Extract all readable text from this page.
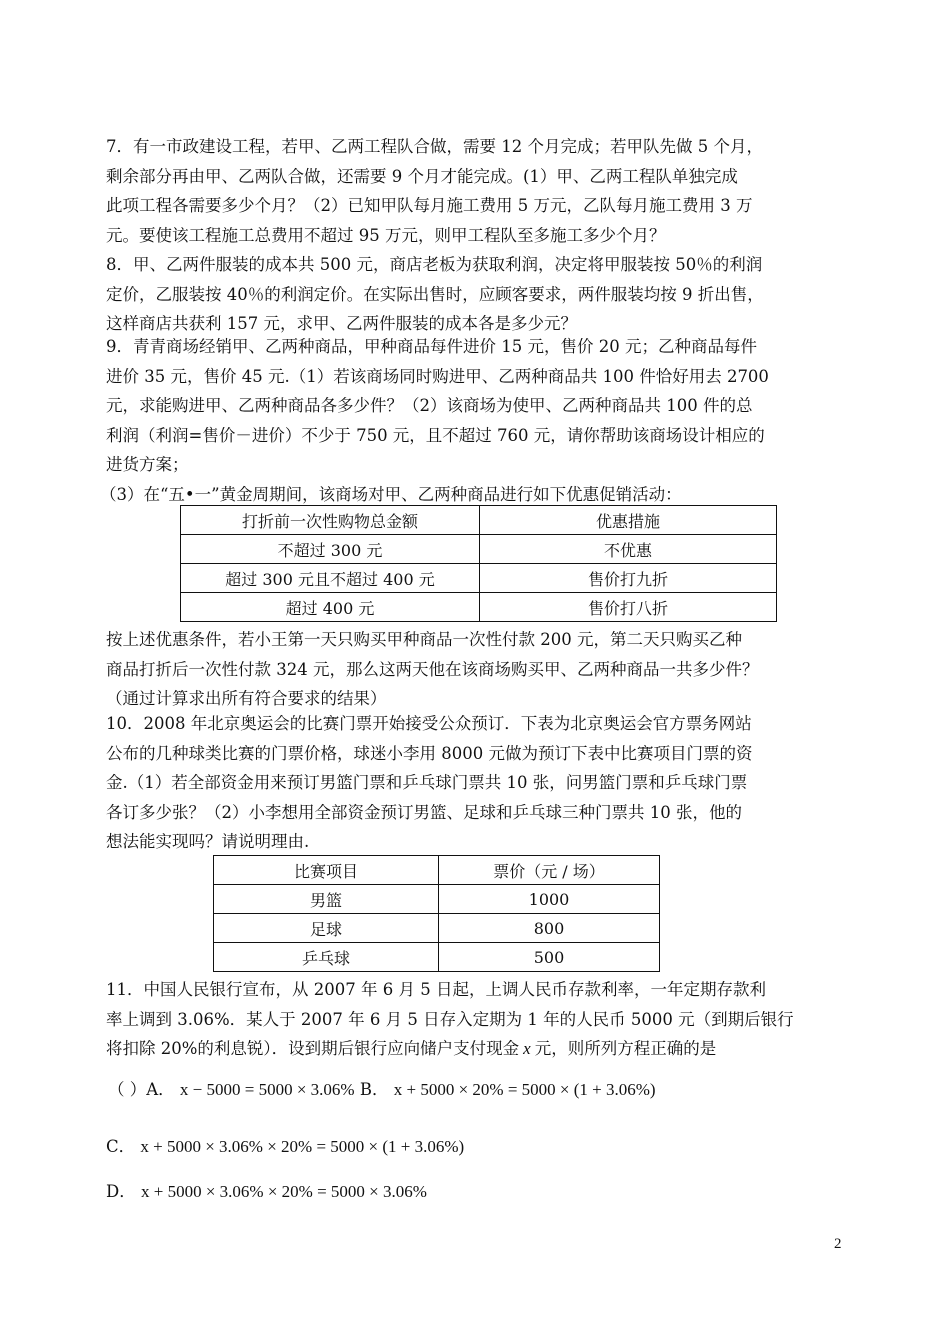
7．有一市政建设工程，若甲、乙两工程队合做，需要 12 个月完成；若甲队先做 5 个月，
剩余部分再由甲、乙两队合做，还需要 9 个月才能完成。(1）甲、乙两工程队单独完成
此项工程各需要多少个月？（2）已知甲队每月施工费用 5 万元，乙队每月施工费用 3 万
元。要使该工程施工总费用不超过 95 万元，则甲工程队至多施工多少个月？
8．甲、乙两件服装的成本共 500 元，商店老板为获取利润，决定将甲服装按 50％的利润
定价，乙服装按 40％的利润定价。在实际出售时，应顾客要求，两件服装均按 9 折出售，
这样商店共获利 157 元，求甲、乙两件服装的成本各是多少元？
9．青青商场经销甲、乙两种商品，甲种商品每件进价 15 元，售价 20 元；乙种商品每件
进价 35 元，售价 45 元.（1）若该商场同时购进甲、乙两种商品共 100 件恰好用去 2700
元，求能购进甲、乙两种商品各多少件？（2）该商场为使甲、乙两种商品共 100 件的总
利润（利润=售价－进价）不少于 750 元，且不超过 760 元，请你帮助该商场设计相应的
进货方案；
（3）在“五•一”黄金周期间，该商场对甲、乙两种商品进行如下优惠促销活动：
打折前一次性购物总金额	优惠措施
不超过 300 元	不优惠
超过 300 元且不超过 400 元	售价打九折
超过 400 元	售价打八折
按上述优惠条件，若小王第一天只购买甲种商品一次性付款 200 元，第二天只购买乙种
商品打折后一次性付款 324 元，那么这两天他在该商场购买甲、乙两种商品一共多少件？
（通过计算求出所有符合要求的结果）
10．2008 年北京奥运会的比赛门票开始接受公众预订．下表为北京奥运会官方票务网站
公布的几种球类比赛的门票价格，球迷小李用 8000 元做为预订下表中比赛项目门票的资
金.（1）若全部资金用来预订男篮门票和乒乓球门票共 10 张，问男篮门票和乒乓球门票
各订多少张？（2）小李想用全部资金预订男篮、足球和乒乓球三种门票共 10 张，他的
想法能实现吗？请说明理由.
比赛项目	票价（元 / 场）
男篮	1000
足球	800
乒乓球	500
11．中国人民银行宣布，从 2007 年 6 月 5 日起，上调人民币存款利率，一年定期存款利
率上调到 3.06%．某人于 2007 年 6 月 5 日存入定期为 1 年的人民币 5000 元（到期后银行
将扣除 20%的利息锐）．设到期后银行应向储户支付现金 x 元，则所列方程正确的是
（ ）A． x − 5000 = 5000 × 3.06% B． x + 5000 × 20% = 5000 × (1 + 3.06%)
C． x + 5000 × 3.06% × 20% = 5000 × (1 + 3.06%)
D． x + 5000 × 3.06% × 20% = 5000 × 3.06%
2
